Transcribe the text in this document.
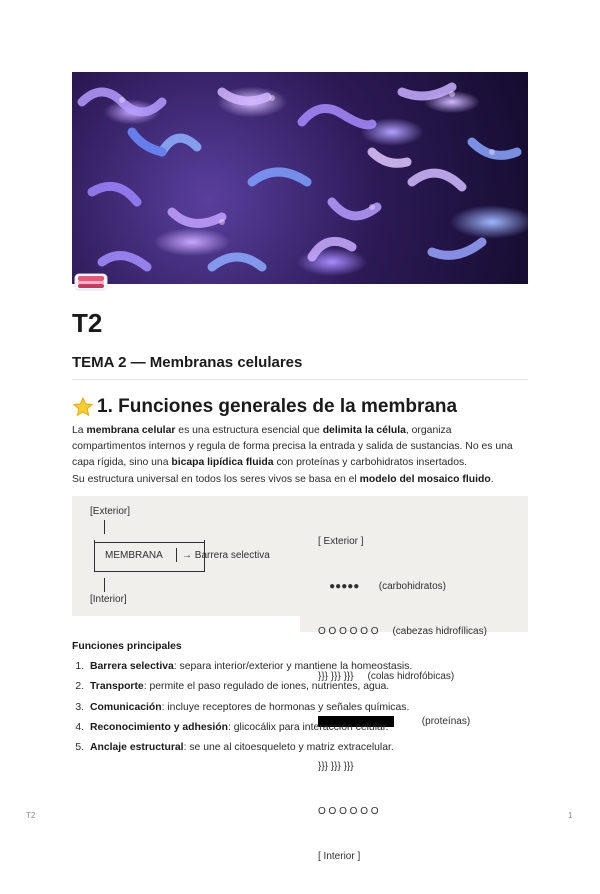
T2
TEMA 2 — Membranas celulares
1. Funciones generales de la membrana

La membrana celular es una estructura esencial que delimita la célula, organiza compartimentos internos y regula de forma precisa la entrada y salida de sustancias. No es una capa rígida, sino una bicapa lipídica fluida con proteínas y carbohidratos insertados.

Su estructura universal en todos los seres vivos se basa en el modelo del mosaico fluido.

[Exterior]
MEMBRANA → Barrera selectiva
[Interior]

[ Exterior ]

●●●●●       (carbohidratos)

O O O O O O     (cabezas hidrofílicas)

}}} }}} }}}     (colas hidrofóbicas)

(proteínas)

}}} }}} }}}

O O O O O O

[ Interior ]

Funciones principales
1. Barrera selectiva: separa interior/exterior y mantiene la homeostasis.
2. Transporte: permite el paso regulado de iones, nutrientes, agua.
3. Comunicación: incluye receptores de hormonas y señales químicas.
4. Reconocimiento y adhesión: glicocálix para interacción celular.
5. Anclaje estructural: se une al citoesqueleto y matriz extracelular.
T2	1
